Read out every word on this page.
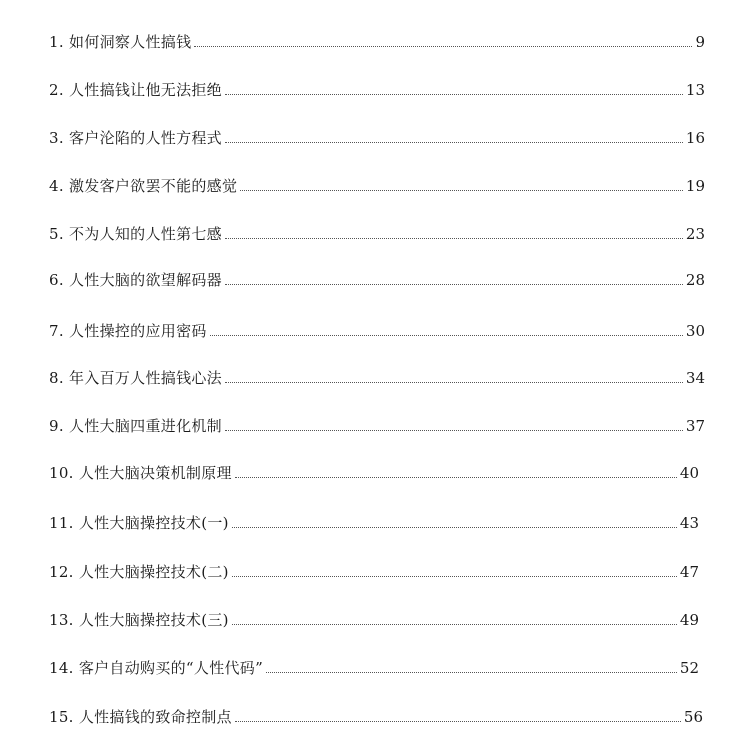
1. 如何洞察人性搞钱	9
2. 人性搞钱让他无法拒绝	13
3. 客户沦陷的人性方程式	16
4. 激发客户欲罢不能的感觉	19
5. 不为人知的人性第七感	23
6. 人性大脑的欲望解码器	28
7. 人性操控的应用密码	30
8. 年入百万人性搞钱心法	34
9. 人性大脑四重进化机制	37
10. 人性大脑决策机制原理	40
11. 人性大脑操控技术(一)	43
12. 人性大脑操控技术(二)	47
13. 人性大脑操控技术(三)	49
14. 客户自动购买的“人性代码”	52
15. 人性搞钱的致命控制点	56
